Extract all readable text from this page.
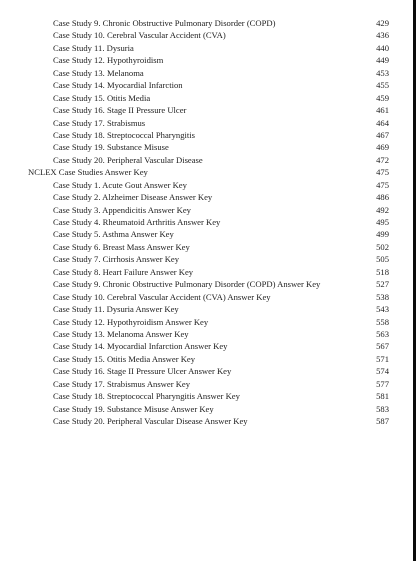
Case Study 9. Chronic Obstructive Pulmonary Disorder (COPD)	429
Case Study 10. Cerebral Vascular Accident (CVA)	436
Case Study 11. Dysuria	440
Case Study 12. Hypothyroidism	449
Case Study 13. Melanoma	453
Case Study 14. Myocardial Infarction	455
Case Study 15. Otitis Media	459
Case Study 16. Stage II Pressure Ulcer	461
Case Study 17. Strabismus	464
Case Study 18. Streptococcal Pharyngitis	467
Case Study 19. Substance Misuse	469
Case Study 20. Peripheral Vascular Disease	472
NCLEX Case Studies Answer Key	475
Case Study 1. Acute Gout Answer Key	475
Case Study 2. Alzheimer Disease Answer Key	486
Case Study 3. Appendicitis Answer Key	492
Case Study 4. Rheumatoid Arthritis Answer Key	495
Case Study 5. Asthma Answer Key	499
Case Study 6. Breast Mass Answer Key	502
Case Study 7. Cirrhosis Answer Key	505
Case Study 8. Heart Failure Answer Key	518
Case Study 9. Chronic Obstructive Pulmonary Disorder (COPD) Answer Key	527
Case Study 10. Cerebral Vascular Accident (CVA) Answer Key	538
Case Study 11. Dysuria Answer Key	543
Case Study 12. Hypothyroidism Answer Key	558
Case Study 13. Melanoma Answer Key	563
Case Study 14. Myocardial Infarction Answer Key	567
Case Study 15. Otitis Media Answer Key	571
Case Study 16. Stage II Pressure Ulcer Answer Key	574
Case Study 17. Strabismus Answer Key	577
Case Study 18. Streptococcal Pharyngitis Answer Key	581
Case Study 19. Substance Misuse Answer Key	583
Case Study 20. Peripheral Vascular Disease Answer Key	587
